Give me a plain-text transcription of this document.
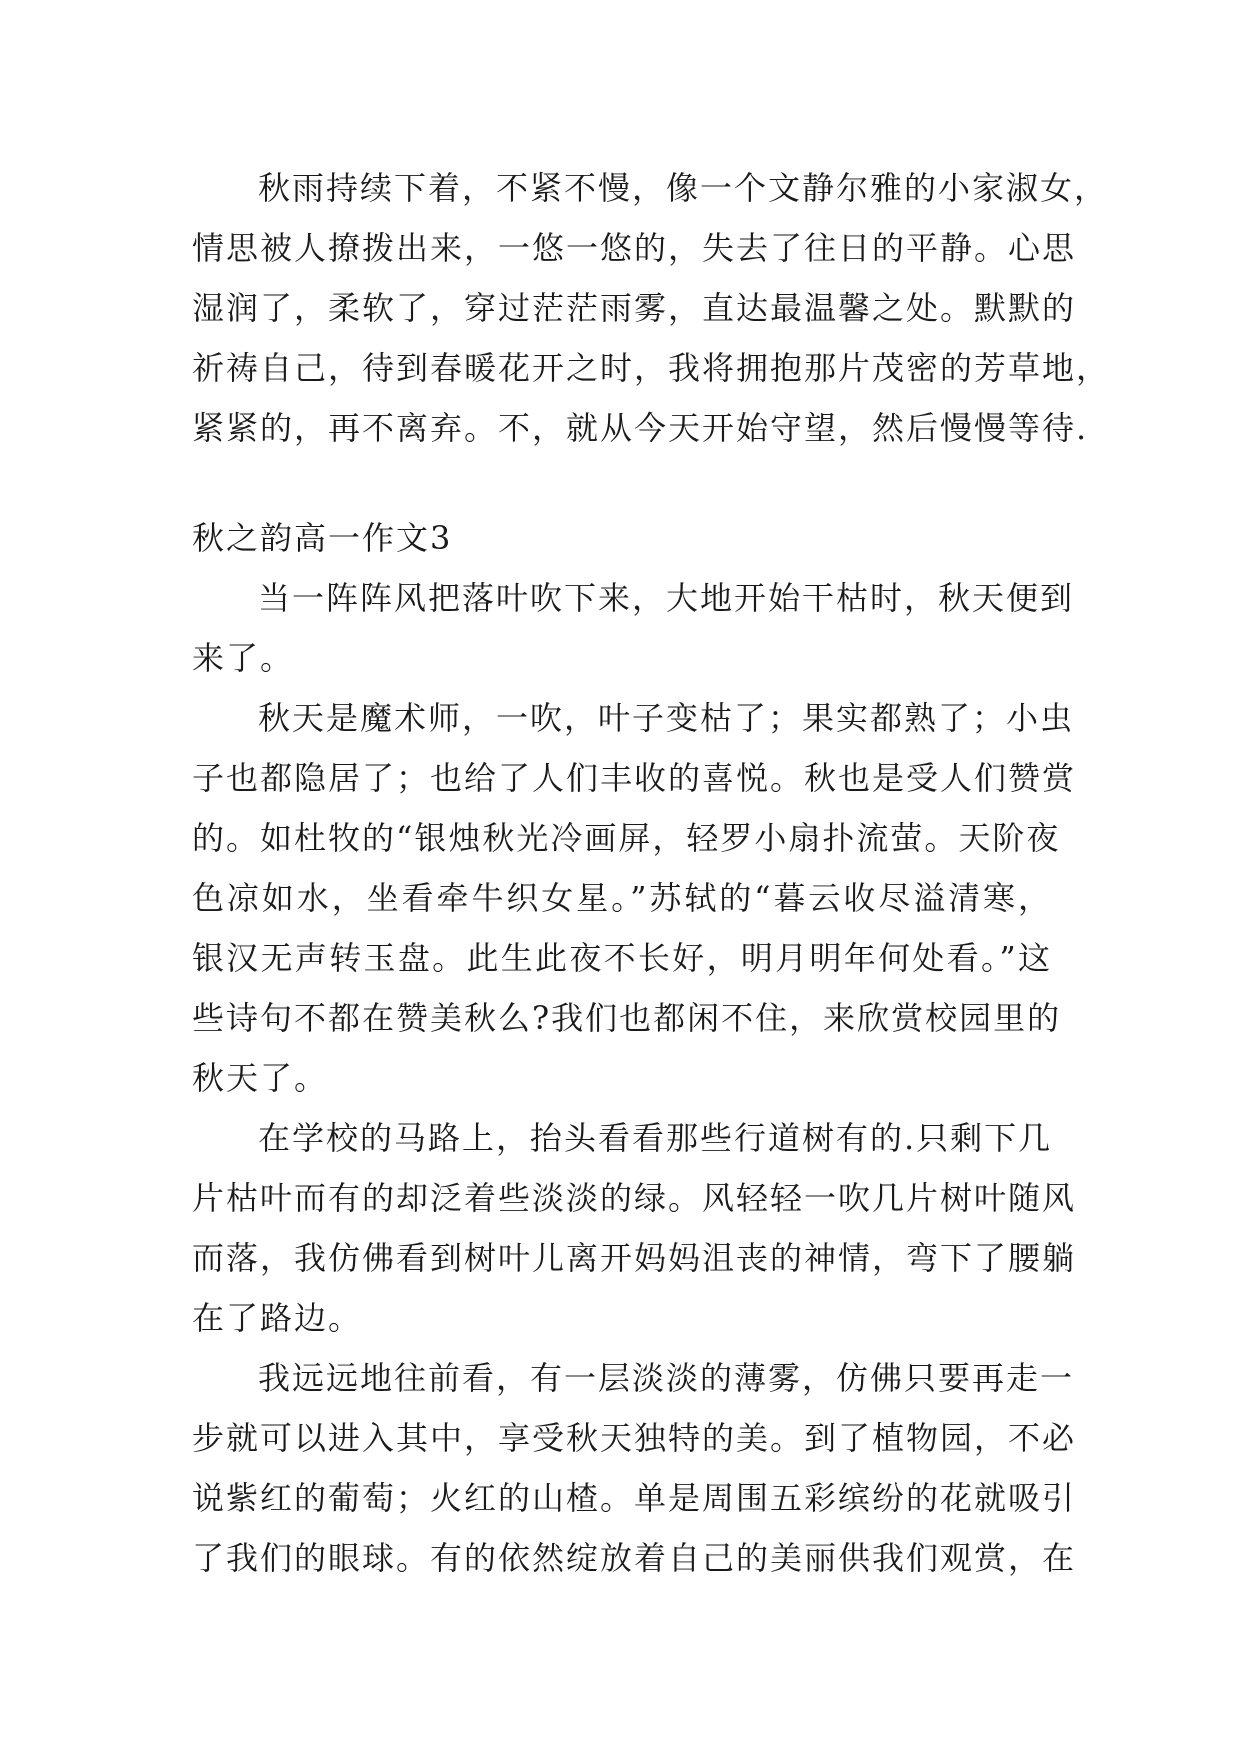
秋雨持续下着，不紧不慢，像一个文静尔雅的小家淑女，
情思被人撩拨出来，一悠一悠的，失去了往日的平静。心思
湿润了，柔软了，穿过茫茫雨雾，直达最温馨之处。默默的
祈祷自己，待到春暖花开之时，我将拥抱那片茂密的芳草地，
紧紧的，再不离弃。不，就从今天开始守望，然后慢慢等待.
秋之韵高一作文3
当一阵阵风把落叶吹下来，大地开始干枯时，秋天便到
来了。
秋天是魔术师，一吹，叶子变枯了；果实都熟了；小虫
子也都隐居了；也给了人们丰收的喜悦。秋也是受人们赞赏
的。如杜牧的“银烛秋光冷画屏，轻罗小扇扑流萤。天阶夜
色凉如水，坐看牵牛织女星。”苏轼的“暮云收尽溢清寒，
银汉无声转玉盘。此生此夜不长好，明月明年何处看。”这
些诗句不都在赞美秋么?我们也都闲不住，来欣赏校园里的
秋天了。
在学校的马路上，抬头看看那些行道树有的.只剩下几
片枯叶而有的却泛着些淡淡的绿。风轻轻一吹几片树叶随风
而落，我仿佛看到树叶儿离开妈妈沮丧的神情，弯下了腰躺
在了路边。
我远远地往前看，有一层淡淡的薄雾，仿佛只要再走一
步就可以进入其中，享受秋天独特的美。到了植物园，不必
说紫红的葡萄；火红的山楂。单是周围五彩缤纷的花就吸引
了我们的眼球。有的依然绽放着自己的美丽供我们观赏，在
